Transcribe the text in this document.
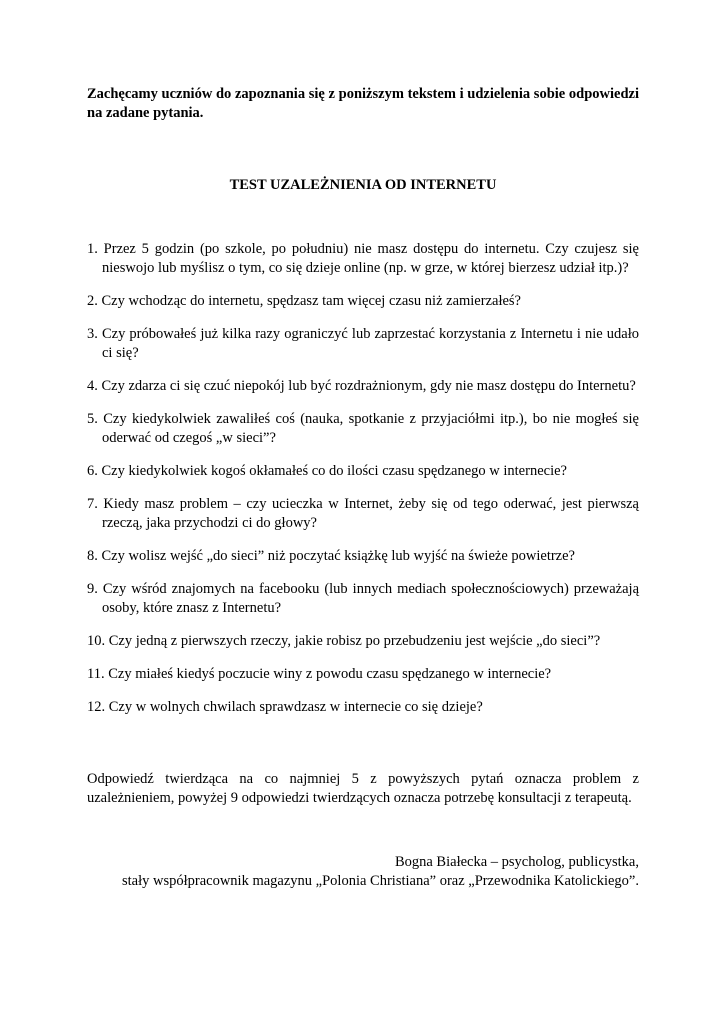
Zachęcamy uczniów do zapoznania się z poniższym tekstem i udzielenia sobie odpowiedzi na zadane pytania.
TEST UZALEŻNIENIA OD INTERNETU
1. Przez 5 godzin (po szkole, po południu) nie masz dostępu do internetu. Czy czujesz się nieswojo lub myślisz o tym, co się dzieje online (np. w grze, w której bierzesz udział itp.)?
2. Czy wchodząc do internetu, spędzasz tam więcej czasu niż zamierzałeś?
3. Czy próbowałeś już kilka razy ograniczyć lub zaprzestać korzystania z Internetu i nie udało ci się?
4. Czy zdarza ci się czuć niepokój lub być rozdrażnionym, gdy nie masz dostępu do Internetu?
5. Czy kiedykolwiek zawaliłeś coś (nauka, spotkanie z przyjaciółmi itp.), bo nie mogłeś się oderwać od czegoś „w sieci”?
6. Czy kiedykolwiek kogoś okłamałeś co do ilości czasu spędzanego w internecie?
7. Kiedy masz problem – czy ucieczka w Internet, żeby się od tego oderwać, jest pierwszą rzeczą, jaka przychodzi ci do głowy?
8. Czy wolisz wejść „do sieci” niż poczytać książkę lub wyjść na świeże powietrze?
9. Czy wśród znajomych na facebooku (lub innych mediach społecznościowych) przeważają osoby, które znasz z Internetu?
10. Czy jedną z pierwszych rzeczy, jakie robisz po przebudzeniu jest wejście „do sieci”?
11. Czy miałeś kiedyś poczucie winy z powodu czasu spędzanego w internecie?
12. Czy w wolnych chwilach sprawdzasz w internecie co się dzieje?
Odpowiedź twierdząca na co najmniej 5 z powyższych pytań oznacza problem z uzależnieniem, powyżej 9 odpowiedzi twierdzących oznacza potrzebę konsultacji z terapeutą.
Bogna Białecka – psycholog, publicystka,
stały współpracownik magazynu „Polonia Christiana” oraz „Przewodnika Katolickiego”.
